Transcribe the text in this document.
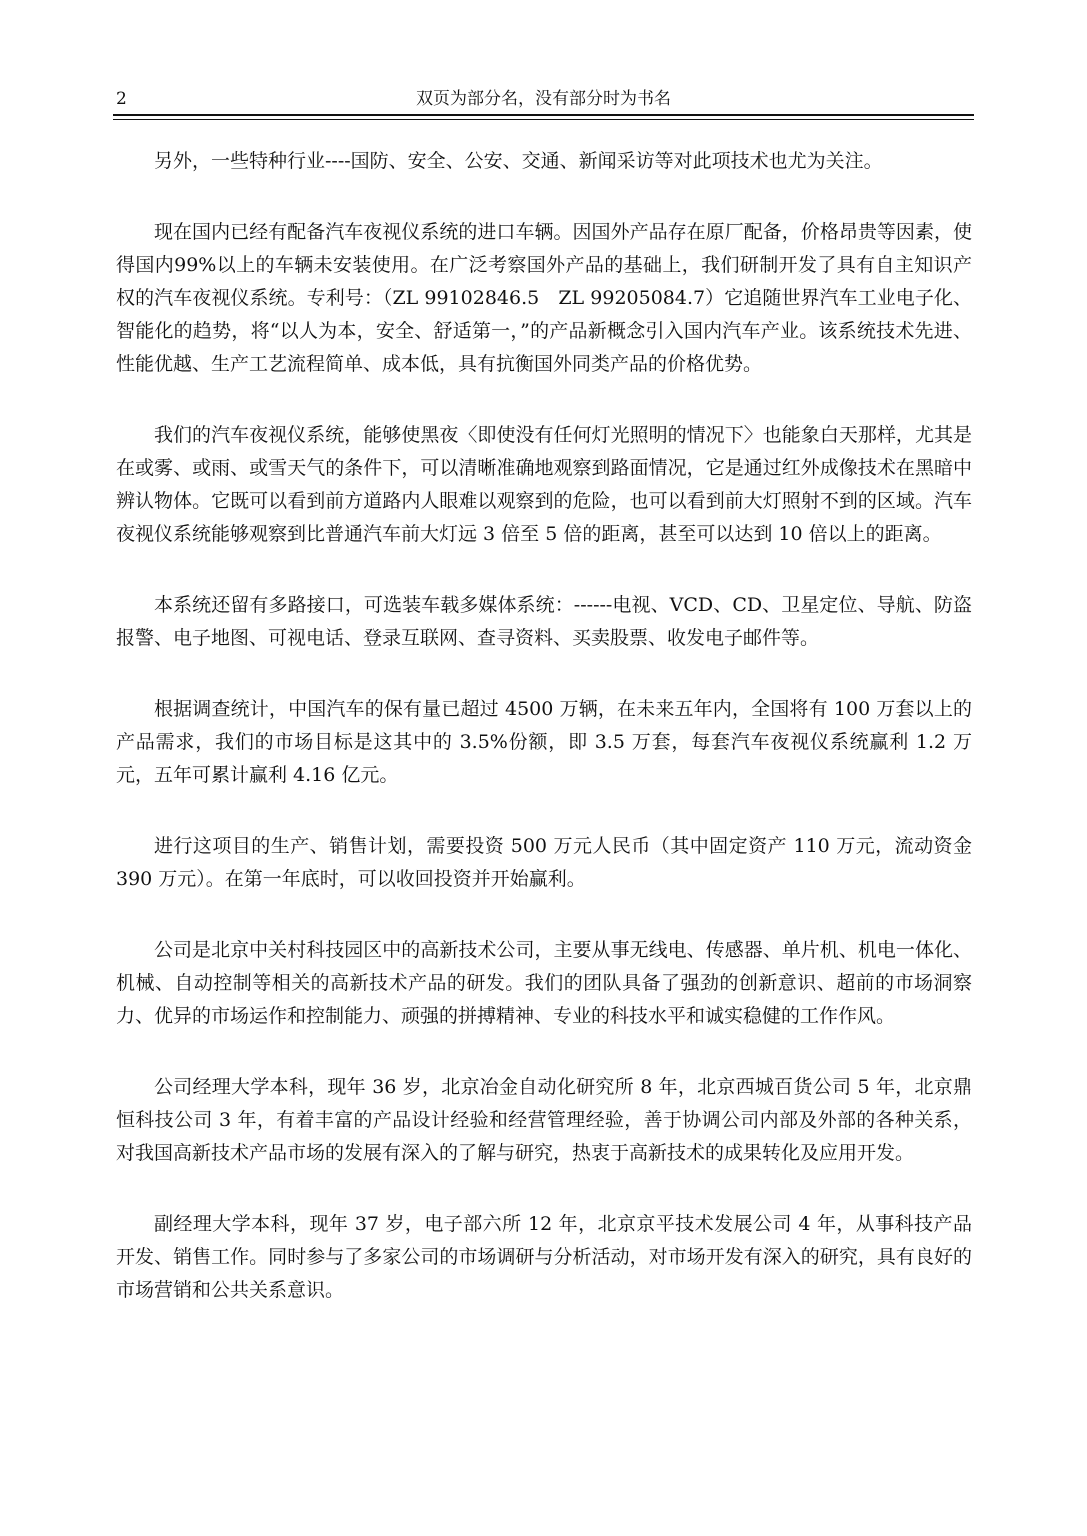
2	双页为部分名，没有部分时为书名

另外，一些特种行业----国防、安全、公安、交通、新闻采访等对此项技术也尤为关注。

现在国内已经有配备汽车夜视仪系统的进口车辆。因国外产品存在原厂配备，价格昂贵等因素，使得国内99%以上的车辆未安装使用。在广泛考察国外产品的基础上，我们研制开发了具有自主知识产权的汽车夜视仪系统。专利号：（ZL 99102846.5　ZL 99205084.7）它追随世界汽车工业电子化、智能化的趋势，将“以人为本，安全、舒适第一，”的产品新概念引入国内汽车产业。该系统技术先进、性能优越、生产工艺流程简单、成本低，具有抗衡国外同类产品的价格优势。

我们的汽车夜视仪系统，能够使黑夜〈即使没有任何灯光照明的情况下〉也能象白天那样，尤其是在或雾、或雨、或雪天气的条件下，可以清晰准确地观察到路面情况，它是通过红外成像技术在黑暗中辨认物体。它既可以看到前方道路内人眼难以观察到的危险，也可以看到前大灯照射不到的区域。汽车夜视仪系统能够观察到比普通汽车前大灯远 3 倍至 5 倍的距离，甚至可以达到 10 倍以上的距离。

本系统还留有多路接口，可选装车载多媒体系统：------电视、VCD、CD、卫星定位、导航、防盗报警、电子地图、可视电话、登录互联网、查寻资料、买卖股票、收发电子邮件等。

根据调查统计，中国汽车的保有量已超过 4500 万辆，在未来五年内，全国将有 100 万套以上的产品需求，我们的市场目标是这其中的 3.5%份额，即 3.5 万套，每套汽车夜视仪系统赢利 1.2 万元，五年可累计赢利 4.16 亿元。

进行这项目的生产、销售计划，需要投资 500 万元人民币（其中固定资产 110 万元，流动资金 390 万元）。在第一年底时，可以收回投资并开始赢利。

公司是北京中关村科技园区中的高新技术公司，主要从事无线电、传感器、单片机、机电一体化、机械、自动控制等相关的高新技术产品的研发。我们的团队具备了强劲的创新意识、超前的市场洞察力、优异的市场运作和控制能力、顽强的拼搏精神、专业的科技水平和诚实稳健的工作作风。

公司经理大学本科，现年 36 岁，北京冶金自动化研究所 8 年，北京西城百货公司 5 年，北京鼎恒科技公司 3 年，有着丰富的产品设计经验和经营管理经验，善于协调公司内部及外部的各种关系，对我国高新技术产品市场的发展有深入的了解与研究，热衷于高新技术的成果转化及应用开发。

副经理大学本科，现年 37 岁，电子部六所 12 年，北京京平技术发展公司 4 年，从事科技产品开发、销售工作。同时参与了多家公司的市场调研与分析活动，对市场开发有深入的研究，具有良好的市场营销和公共关系意识。
